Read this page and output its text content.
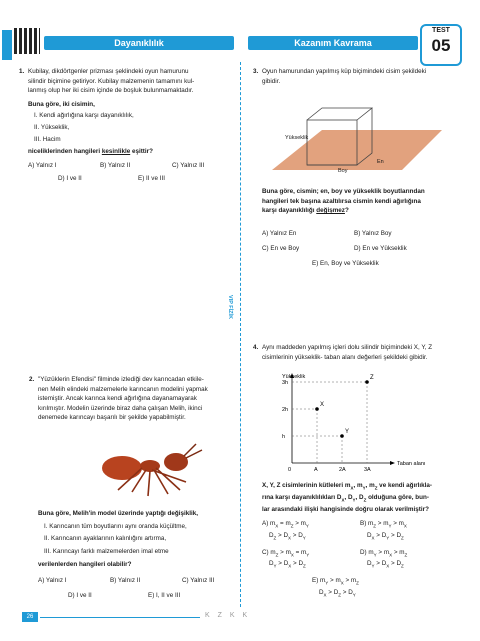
VIP FİZİK
Dayanıklılık	Kazanım Kavrama
TEST
05
1. Kubilay, dikdörtgenler prizması şeklindeki oyun hamurunu
silindir biçimine getiriyor. Kubilay malzemenin tamamını kul-
lanmış olup her iki cisim içinde de boşluk bulunmamaktadır.
Buna göre, iki cisimin,
I. Kendi ağırlığına karşı dayanıklılık,
II. Yükseklik,
III. Hacim
niceliklerinden hangileri kesinlikle eşittir?
A) Yalnız I	B) Yalnız II	C) Yalnız III
D) I ve II	E) II ve III
2. "Yüzüklerin Efendisi" filminde izlediği dev karıncadan etkile-
nen Melih elindeki malzemelerle karıncanın modelini yapmak
istemiştir. Ancak karınca kendi ağırlığına dayanamayarak
kırılmıştır. Modelin üzerinde biraz daha çalışan Melih, ikinci
denemede karıncayı başarılı bir şekilde yapabilmiştir.
Buna göre, Melih'in model üzerinde yaptığı değişiklik,
I. Karıncanın tüm boyutlarını aynı oranda küçültme,
II. Karıncanın ayaklarının kalınlığını artırma,
III. Karıncayı farklı malzemelerden imal etme
verilenlerden hangileri olabilir?
A) Yalnız I	B) Yalnız II	C) Yalnız III
D) I ve II	E) I, II ve III
3. Oyun hamurundan yapılmış küp biçimindeki cisim şekildeki
gibidir.
Yükseklik
En
Boy
Buna göre, cismin; en, boy ve yükseklik boyutlarından
hangileri tek başına azaltılırsa cismin kendi ağırlığına
karşı dayanıklılığı değişmez?
A) Yalnız En	B) Yalnız Boy
C) En ve Boy	D) En ve Yükseklik
E) En, Boy ve Yükseklik
4. Aynı maddeden yapılmış içleri dolu silindir biçimindeki X, Y, Z
cisimlerinin yükseklik- taban alanı değerleri şekildeki gibidir.
X
Y
Z
h
2h
3h
A	2A	3A
Yükseklik
Taban alanı
0
X, Y, Z cisimlerinin kütleleri $m_X$, $m_Y$, $m_Z$ ve kendi ağırlıkla-
rına karşı dayanıklılıkları $D_X$, $D_Y$, $D_Z$ olduğuna göre, bun-
lar arasındaki ilişki hangisinde doğru olarak verilmiştir?
A) $m_X = m_Z > m_Y$
$D_Z > D_X > D_Y$
B) $m_Z > m_Y > m_X$
$D_X > D_Y > D_Z$
C) $m_Z > m_X = m_Y$
$D_Y > D_X > D_Z$
D) $m_Y > m_X > m_Z$
$D_Y > D_X > D_Z$
E) $m_Y > m_X > m_Z$
$D_X > D_Z > D_Y$
26	K Z K K
